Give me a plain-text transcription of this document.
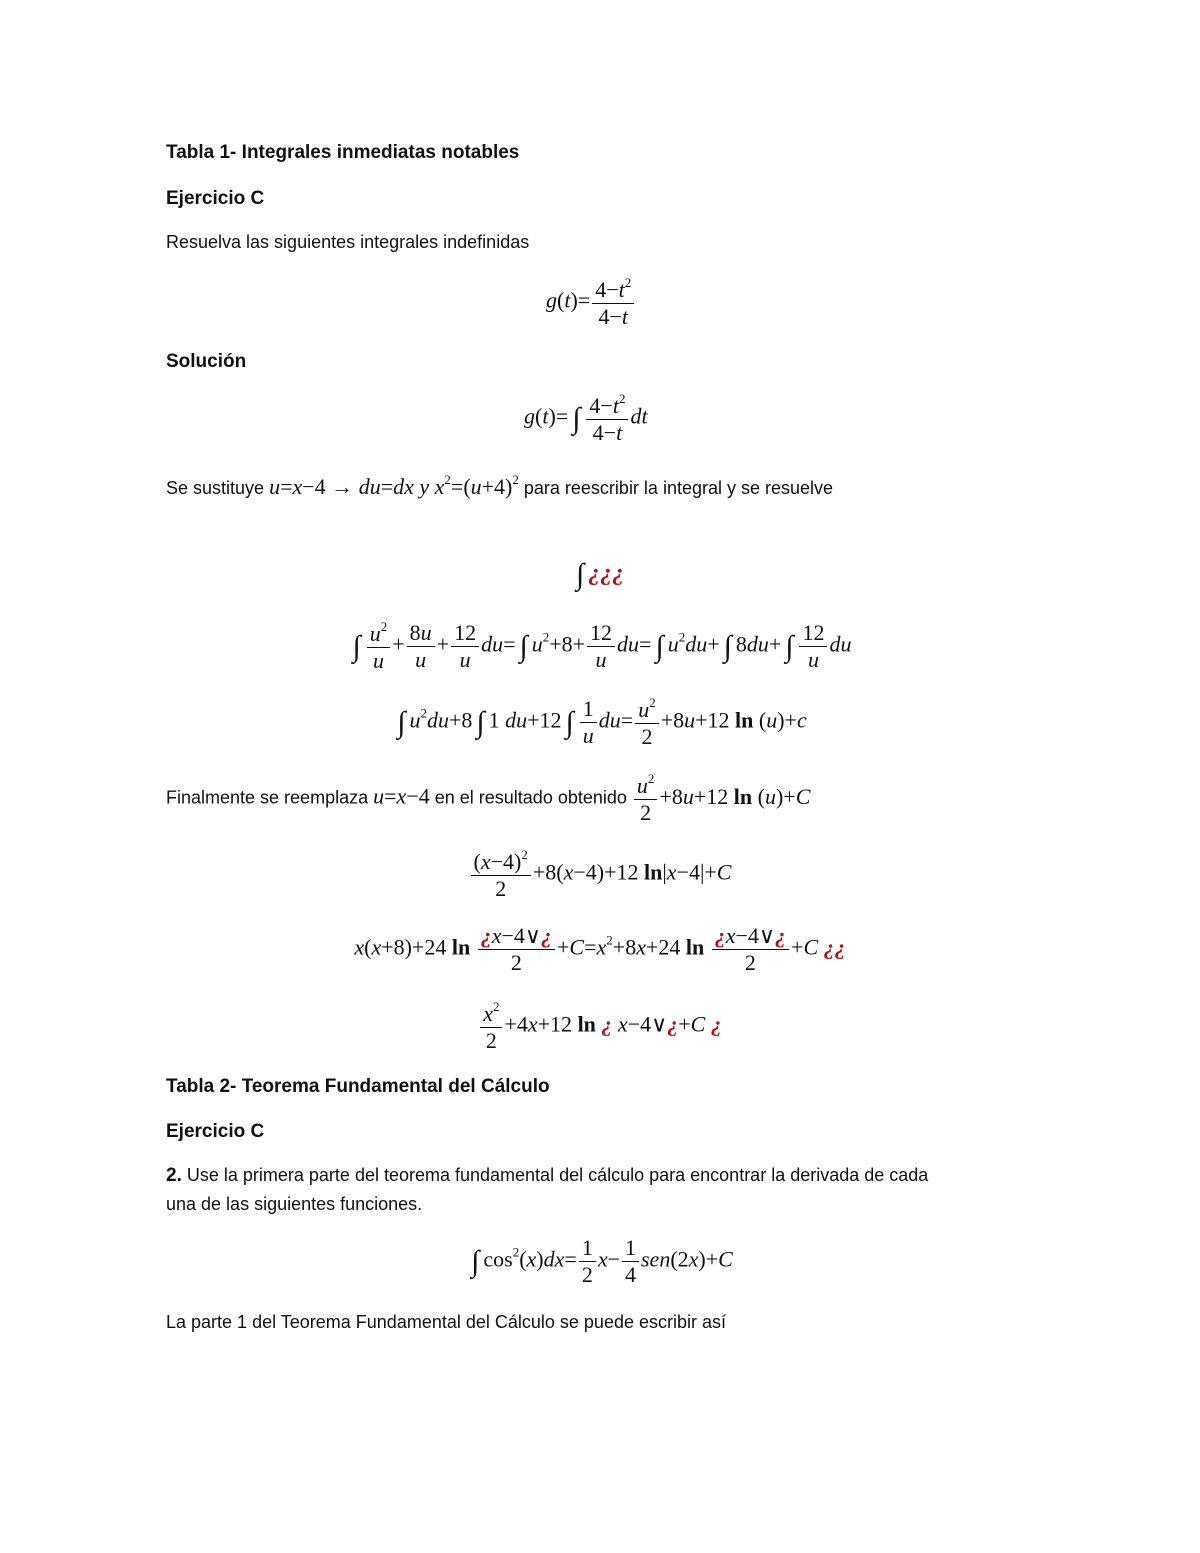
Tabla 1- Integrales inmediatas notables
Ejercicio C
Resuelva las siguientes integrales indefinidas
$g(t)= \frac{4-t^2}{4-t}$
Solución
g(t)= ∫ $\frac{4-t^2}{4-t}$ dt
Se sustituye u=x−4 → du=dx y $x^2=(u+4)^2$ para reescribir la integral y se resuelve
∫ ¿¿¿
∫ $\frac{u^2}{u} + \frac{8u}{u} + \frac{12}{u} du=$ ∫ $u^2+8+ \frac{12}{u} du=$ ∫ $u^2du+$ ∫ 8du+ ∫ $\frac{12}{u}$ du
∫ $u^2du+8$ ∫ 1 du+12 ∫ $\frac{1}{u} du= \frac{u^2}{2} +8u+12$ ln (u)+c
Finalmente se reemplaza u=x−4 en el resultado obtenido $\frac{u^2}{2} +8u+12$ ln (u)+C
$\frac{(x-4)^2}{2} +8(x-4)+12$ ln|x−4|+C
x(x+8)+24 $\ln \frac{¿x-4\vee¿}{2} +C=x^2+8x+24$ $\ln \frac{¿x-4\vee¿}{2} +C$ ¿¿
$\frac{x^2}{2} +4x+12$ ln ¿ x−4∨¿+C ¿
Tabla 2- Teorema Fundamental del Cálculo
Ejercicio C
2. Use la primera parte del teorema fundamental del cálculo para encontrar la derivada de cada
una de las siguientes funciones.
∫ $\cos^2(x)dx= \frac{1}{2} x- \frac{1}{4} sen(2x)+C$
La parte 1 del Teorema Fundamental del Cálculo se puede escribir así
